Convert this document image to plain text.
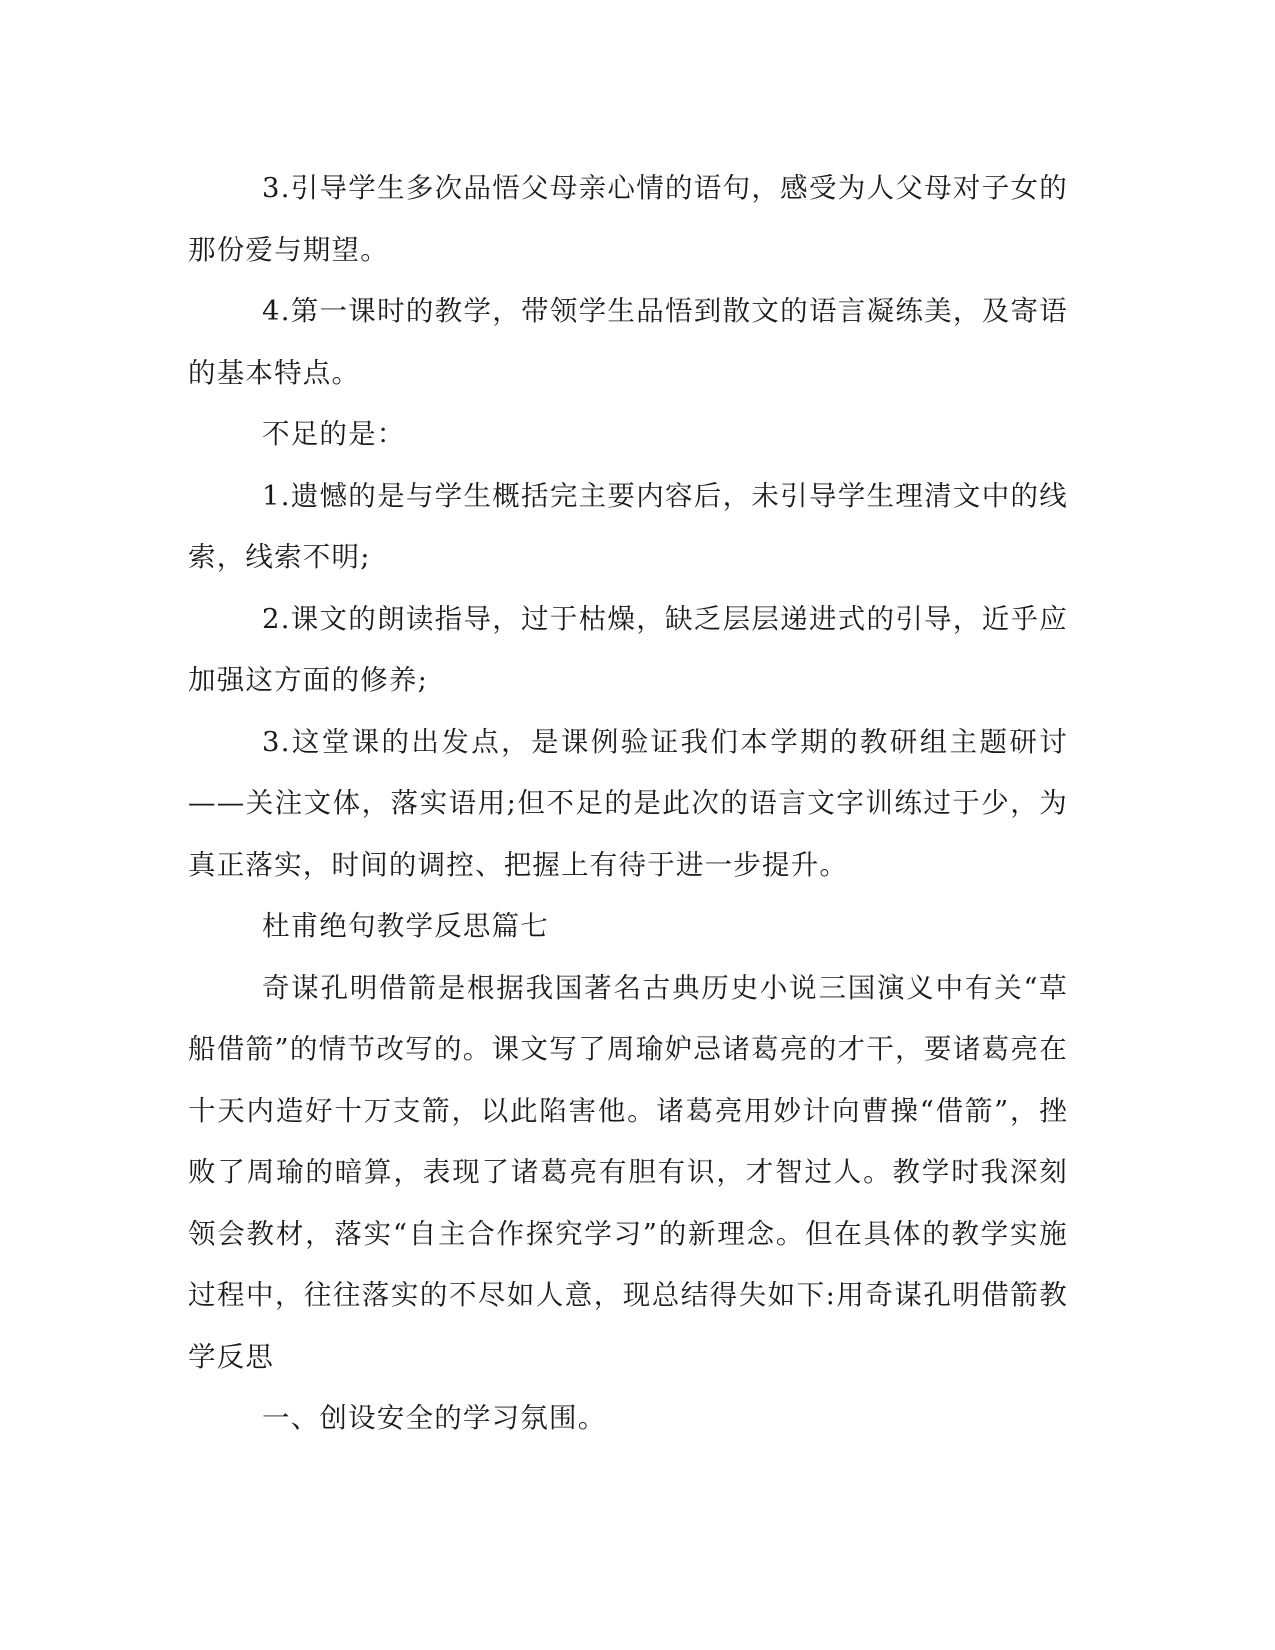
3.引导学生多次品悟父母亲心情的语句，感受为人父母对子女的那份爱与期望。

4.第一课时的教学，带领学生品悟到散文的语言凝练美，及寄语的基本特点。

不足的是：

1.遗憾的是与学生概括完主要内容后，未引导学生理清文中的线索，线索不明;

2.课文的朗读指导，过于枯燥，缺乏层层递进式的引导，近乎应加强这方面的修养;

3.这堂课的出发点，是课例验证我们本学期的教研组主题研讨——关注文体，落实语用;但不足的是此次的语言文字训练过于少，为真正落实，时间的调控、把握上有待于进一步提升。

杜甫绝句教学反思篇七

奇谋孔明借箭是根据我国著名古典历史小说三国演义中有关“草船借箭”的情节改写的。课文写了周瑜妒忌诸葛亮的才干，要诸葛亮在十天内造好十万支箭，以此陷害他。诸葛亮用妙计向曹操“借箭”，挫败了周瑜的暗算，表现了诸葛亮有胆有识，才智过人。教学时我深刻领会教材，落实“自主合作探究学习”的新理念。但在具体的教学实施过程中，往往落实的不尽如人意，现总结得失如下:用奇谋孔明借箭教学反思

一、创设安全的学习氛围。
